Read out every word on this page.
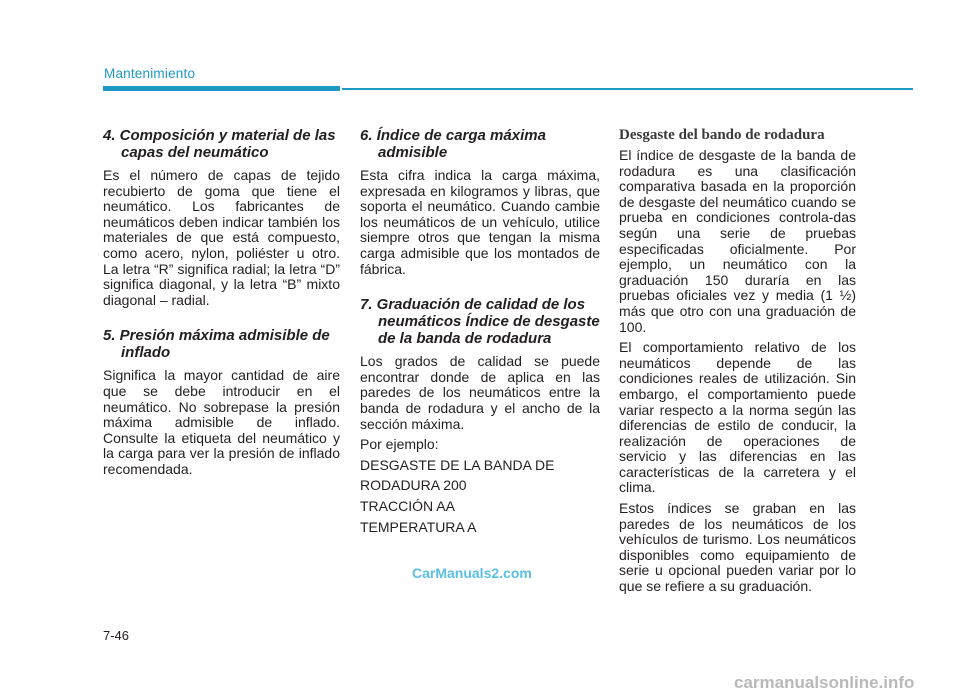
Mantenimiento
4. Composición y material de las capas del neumático

Es el número de capas de tejido recubierto de goma que tiene el neumático. Los fabricantes de neumáticos deben indicar también los materiales de que está compuesto, como acero, nylon, poliéster u otro. La letra “R” significa radial; la letra “D” significa diagonal, y la letra “B” mixto diagonal – radial.

5. Presión máxima admisible de inflado

Significa la mayor cantidad de aire que se debe introducir en el neumático. No sobrepase la presión máxima admisible de inflado. Consulte la etiqueta del neumático y la carga para ver la presión de inflado recomendada.

6. Índice de carga máxima admisible

Esta cifra indica la carga máxima, expresada en kilogramos y libras, que soporta el neumático. Cuando cambie los neumáticos de un vehículo, utilice siempre otros que tengan la misma carga admisible que los montados de fábrica.

7. Graduación de calidad de los neumáticos Índice de desgaste de la banda de rodadura

Los grados de calidad se puede encontrar donde de aplica en las paredes de los neumáticos entre la banda de rodadura y el ancho de la sección máxima.

Por ejemplo:

DESGASTE DE LA BANDA DE

RODADURA 200

TRACCIÓN AA

TEMPERATURA A

Desgaste del bando de rodadura

El índice de desgaste de la banda de rodadura es una clasificación comparativa basada en la proporción de desgaste del neumático cuando se prueba en condiciones controla-das según una serie de pruebas especificadas oficialmente. Por ejemplo, un neumático con la graduación 150 duraría en las pruebas oficiales vez y media (1 ½) más que otro con una graduación de 100.

El comportamiento relativo de los neumáticos depende de las condiciones reales de utilización. Sin embargo, el comportamiento puede variar respecto a la norma según las diferencias de estilo de conducir, la realización de operaciones de servicio y las diferencias en las características de la carretera y el clima.

Estos índices se graban en las paredes de los neumáticos de los vehículos de turismo. Los neumáticos disponibles como equipamiento de serie u opcional pueden variar por lo que se refiere a su graduación.

CarManuals2.com
7-46
carmanualsonline.info
